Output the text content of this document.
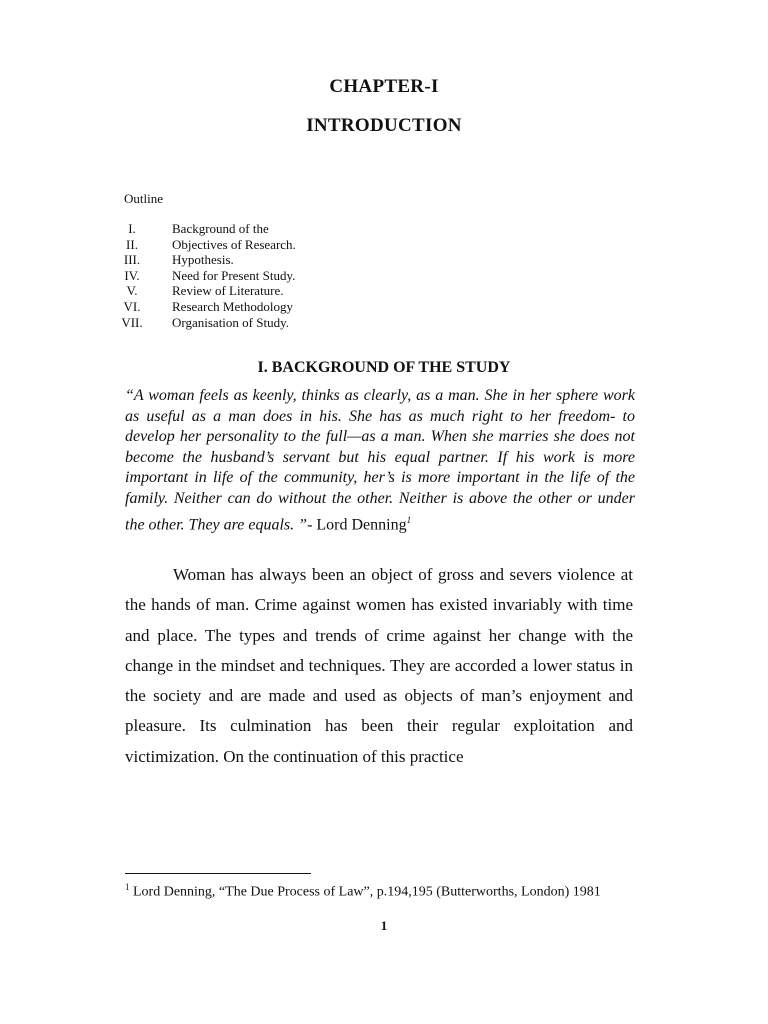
CHAPTER-I
INTRODUCTION
Outline
I.	Background of the
II.	Objectives of Research.
III.	Hypothesis.
IV.	Need for Present Study.
V.	Review of Literature.
VI.	Research Methodology
VII.	Organisation of Study.
I. BACKGROUND OF THE STUDY
“A woman feels as keenly, thinks as clearly, as a man. She in her sphere work as useful as a man does in his. She has as much right to her freedom- to develop her personality to the full—as a man. When she marries she does not become the husband’s servant but his equal partner. If his work is more important in life of the community, her’s is more important in the life of the family. Neither can do without the other. Neither is above the other or under the other. They are equals. ”- Lord Denning$^1$
Woman has always been an object of gross and severs violence at the hands of man. Crime against women has existed invariably with time and place. The types and trends of crime against her change with the change in the mindset and techniques. They are accorded a lower status in the society and are made and used as objects of man’s enjoyment and pleasure. Its culmination has been their regular exploitation and victimization. On the continuation of this practice
$^1$ Lord Denning, “The Due Process of Law”, p.194,195 (Butterworths, London) 1981
1
